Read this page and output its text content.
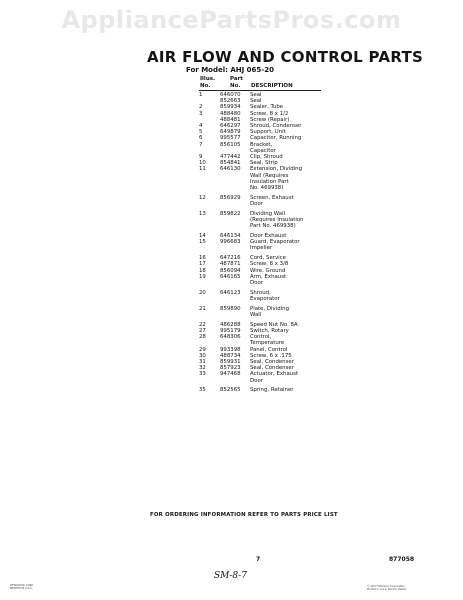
AppliancePartsPros.com
AIR FLOW AND CONTROL PARTS
For Model: AHJ 065-20
Illus.
No.
Part
No.	DESCRIPTION
1	646070 Seal
852663 Seal
2	859934 Sealer, Tube
3	488480 Screw, 8 x 1/2
488481 Screw (Repair)
4	646297 Shroud, Condenser
5	649879 Support, Unit
6	995577 Capacitor, Running
7	856105 Bracket,
Capacitor
9	477442 Clip, Shroud
10	854841 Seal, Strip
11	646130 Extension, Dividing
Wall (Requires
Insulation Part
No. 469938)
12	856929 Screen, Exhaust
Door
13	859822 Dividing Wall
(Requires Insulation
Part No. 469938)
14	646134 Door Exhaust
15	996683 Guard, Evaporator
Impeller
16	647216 Cord, Service
17	487871 Screw, 8 x 3/8
18	856094 Wire, Ground
19	646165 Arm, Exhaust
Door
20	646123 Shroud,
Evaporator
21	859890 Plate, Dividing
Wall
22	486288 Speed Nut No. 8A
27	995179 Switch, Rotary
28	648306 Control,
Temperature
29	993398 Panel, Control
30	488734 Screw, 6 x .175
31	859931 Seal, Condenser
32	857923 Seal, Condenser
33	947468 Actuator, Exhaust
Door
35	852565 Spring, Retainer
FOR ORDERING INFORMATION REFER TO PARTS PRICE LIST
7	877058
SM-8-7
WHIRLPOOL CORP.
PRINTED IN U.S.A.
© 1977 Whirlpool Corporation
Printed in U.S.A. Benton Harbor
